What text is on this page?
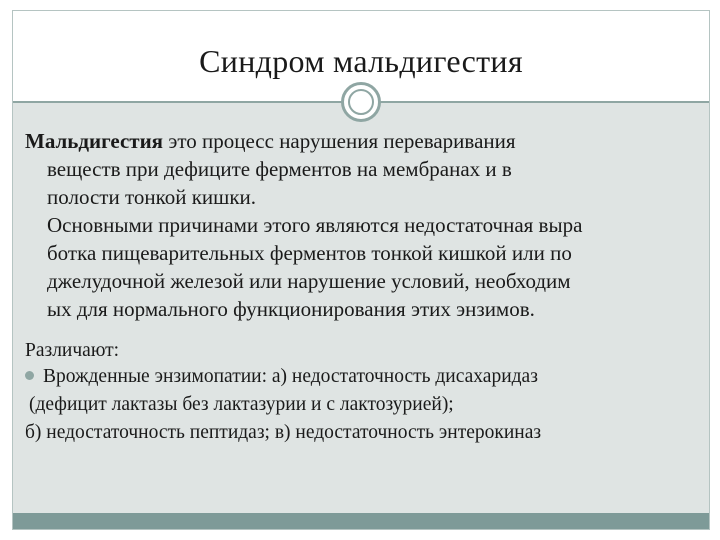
Синдром мальдигестия
Мальдигестия это процесс нарушения переваривания
веществ при дефиците ферментов на мембранах и в
полости тонкой кишки.
Основными причинами этого являются недостаточная выра
ботка пищеварительных ферментов тонкой кишкой или по
джелудочной железой или нарушение условий, необходим
ых для нормального функционирования этих энзимов.
Различают:
Врожденные энзимопатии: а) недостаточность дисахаридаз
(дефицит лактазы без лактазурии и с лактозурией);
б) недостаточность пептидаз; в) недостаточность энтерокиназ
